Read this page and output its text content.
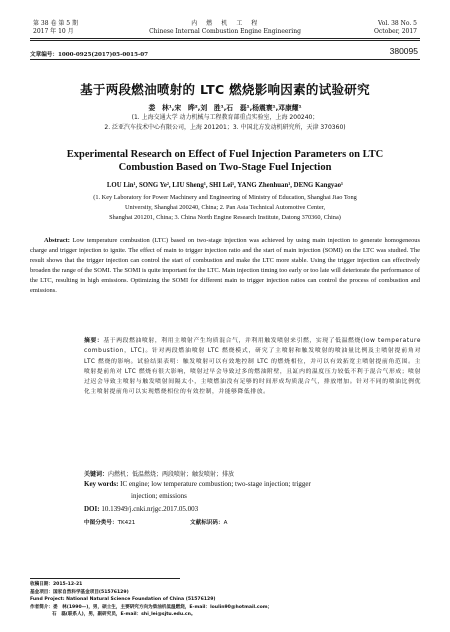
第 38 卷 第 5 期
2017 年 10 月
内　燃　机　工　程
Chinese Internal Combustion Engine Engineering
Vol. 38 No. 5
October, 2017
文章编号：1000-0925(2017)05-0015-07	380095
基于两段燃油喷射的 LTC 燃烧影响因素的试验研究
娄　林¹,宋　晔²,刘　胜¹,石　磊¹,杨震寰¹,邓康耀¹
(1. 上海交通大学 动力机械与工程教育部重点实验室，上海 200240；
2. 泛亚汽车技术中心有限公司，上海 201201；3. 中国北方发动机研究所，天津 370360)
Experimental Research on Effect of Fuel Injection Parameters on LTC
Combustion Based on Two-Stage Fuel Injection
LOU Lin¹, SONG Ye², LIU Sheng¹, SHI Lei¹, YANG Zhenhuan¹, DENG Kangyao¹
(1. Key Laboratory for Power Machinery and Engineering of Ministry of Education, Shanghai Jiao Tong
University, Shanghai 200240, China; 2. Pan Asia Technical Automotive Center,
Shanghai 201201, China; 3. China North Engine Research Institute, Datong 370360, China)
Abstract: Low temperature combustion (LTC) based on two-stage injection was achieved by using main injection to generate homogeneous charge and trigger injection to ignite. The effect of main to trigger injection ratio and the start of main injection (SOMI) on the LTC was studied. The result shows that the trigger injection can control the start of combustion and make the LTC more stable. Using the trigger injection can effectively broaden the range of the SOMI. The SOMI is quite important for the LTC. Main injection timing too early or too late will deteriorate the performance of the LTC, resulting in high emissions. Optimizing the SOMI for different main to trigger injection ratios can control the process of combustion and emissions.
摘要：基于两段燃油喷射，利用主喷射产生均质混合气，并利用触发喷射来引燃，实现了低温燃烧(low temperature combustion，LTC)。针对两段燃油喷射 LTC 燃烧模式，研究了主喷射和触发喷射的喷油量比例及主喷射提前角对 LTC 燃烧的影响。试验结果表明：触发喷射可以有效地控制 LTC 的燃烧相位，并可以有效拓宽主喷射提前角范围。主喷射提前角对 LTC 燃烧有很大影响，喷射过早会导致过多的燃油附壁，且缸内的温度压力较低不利于混合气形成；喷射过迟会导致主喷射与触发喷射间隔太小，主喷燃油没有足够的时间形成均质混合气，排放增加。针对不同的喷油比例优化主喷射提前角可以实现燃烧相位的有效控制，并能够降低排放。
关键词：内燃机；低温燃烧；两段喷射；触发喷射；排放
Key words: IC engine; low temperature combustion; two-stage injection; trigger
injection; emissions
DOI: 10.13949/j.cnki.nrjgc.2017.05.003
中图分类号：TK421	文献标识码：A
收稿日期：2015-12-21
基金项目：国家自然科学基金项目(51576129)
Fund Project: National Natural Science Foundation of China (51576129)
作者简介：娄　林(1990—)，男，硕士生，主要研究方向为柴油机低温燃烧，E-mail：loulin90@hotmail.com；
石　磊(联系人)，男，副研究员，E-mail：shi_lei@sjtu.edu.cn。
